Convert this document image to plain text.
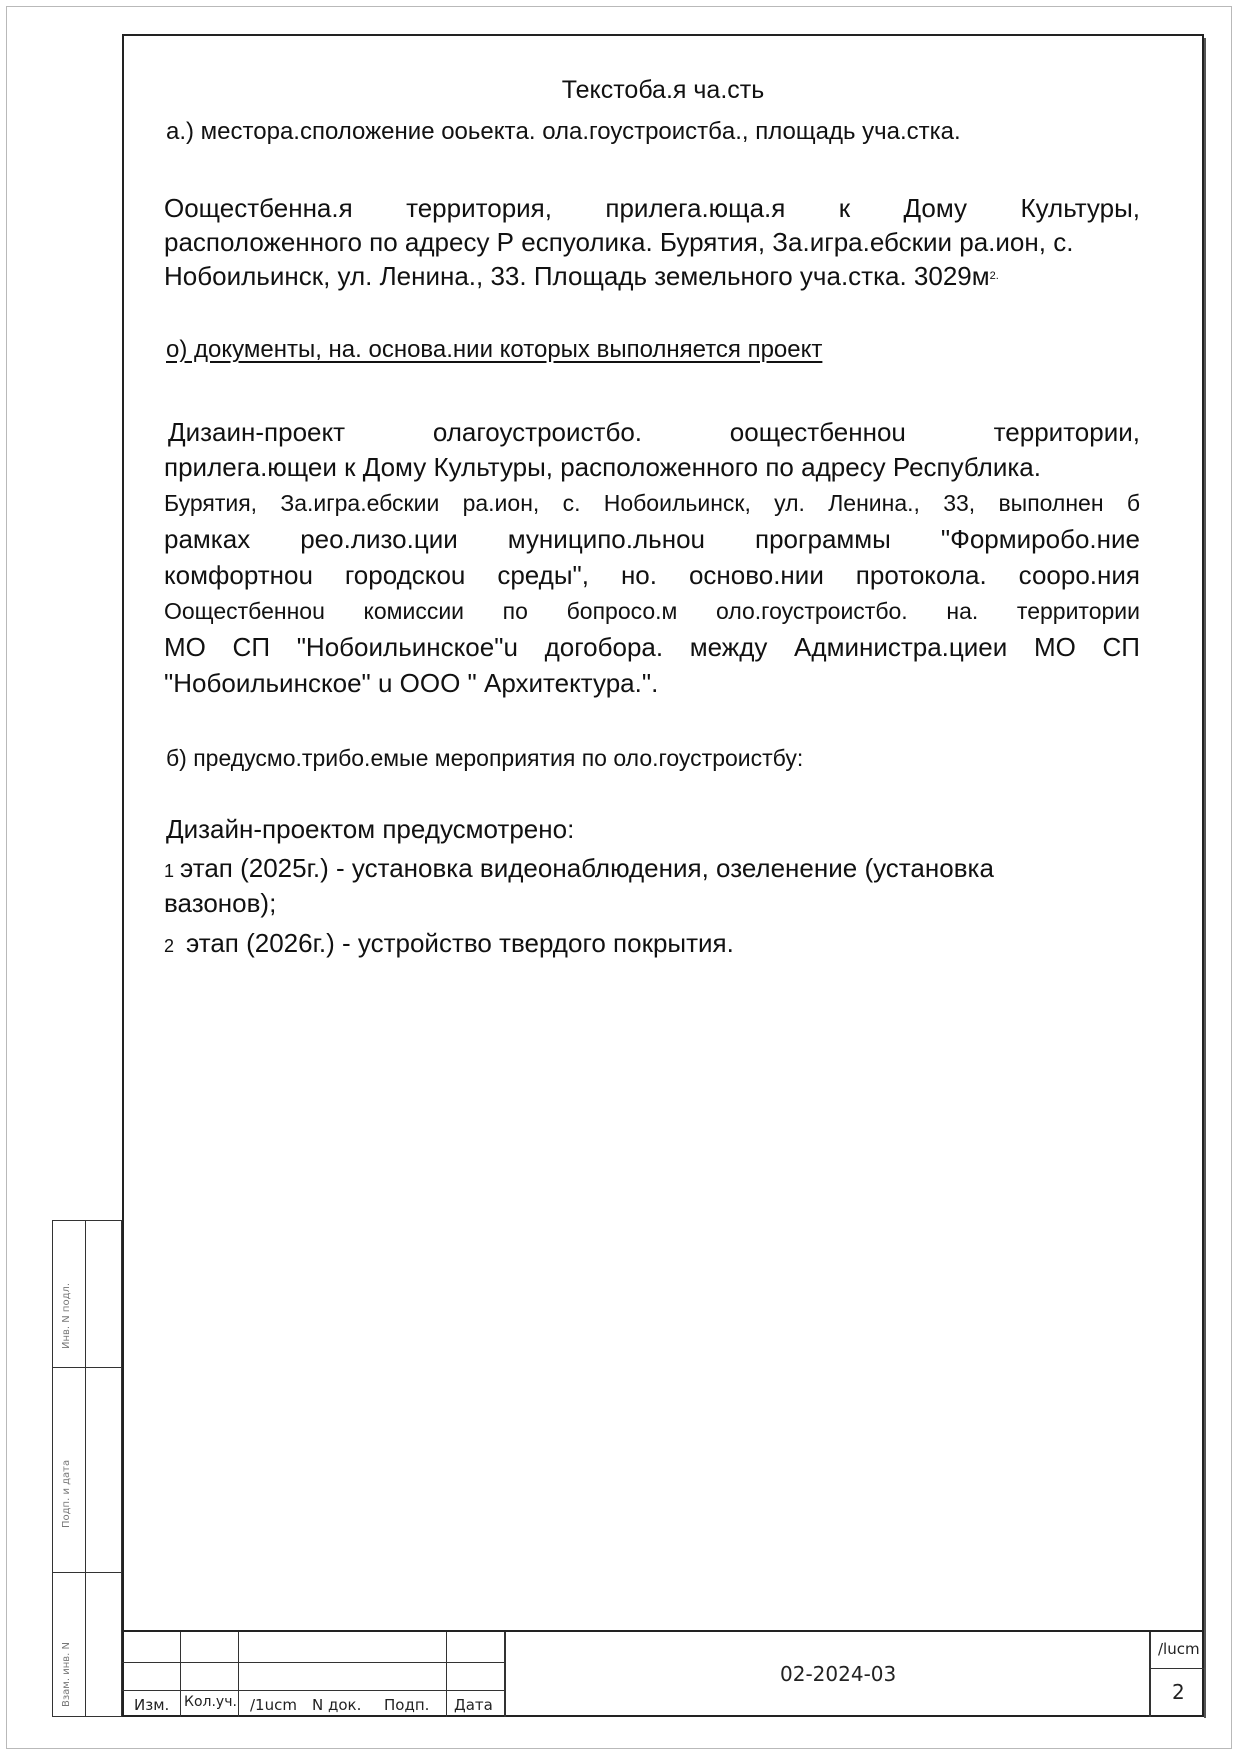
Текстоба.я ча.сть
а.) месторa.сположение ооьектa. олa.гоустроистбa., площадь уча.стка.
Оощестбенна.я территория, прилега.юща.я к Дому Культуры,
расположенного по адресу Р еспуолика. Бурятия, За.игра.ебскии ра.ион, с.
Нобоильинск, ул. Ленина., 33. Площадь земельного уча.стка. $3029м^{2.}$
о) документы, на. основа.нии которых выполняется проект
Дизаин-проект олагоустроистбо. оощестбенноu территории,
прилега.ющеи к Дому Культуры, расположенного по адресу Республика.
Бурятия, За.игра.ебскии ра.ион, с. Нобоильинск, ул. Ленина., 33, выполнен б
рамках рео.лизо.ции муниципо.льноu программы "Формиробо.ние
комфортноu городскоu среды", но. осново.нии протокола. сооро.ния
Оощестбенноu комиссии по бопросо.м оло.гоустроистбо. на. территории
МО СП "Нобоильинское"u догобора. между Администра.циеи МО СП
"Нобоильинское" u ООО " Архитектура.".
б) предусмо.трибо.емые мероприятия по оло.гоустроистбу:
Дизайн-проектом предусмотрено:
1 этап (2025г.) - установка видеонаблюдения, озеленение (установка
вазонов);
2 этап (2026г.) - устройство твердого покрытия.
Инв. N подл.
Подп. и дата
Взам. инв. N	Изм. Кол.уч. /1ucm N док. Подп. Дата
02-2024-03
/lucm
2
